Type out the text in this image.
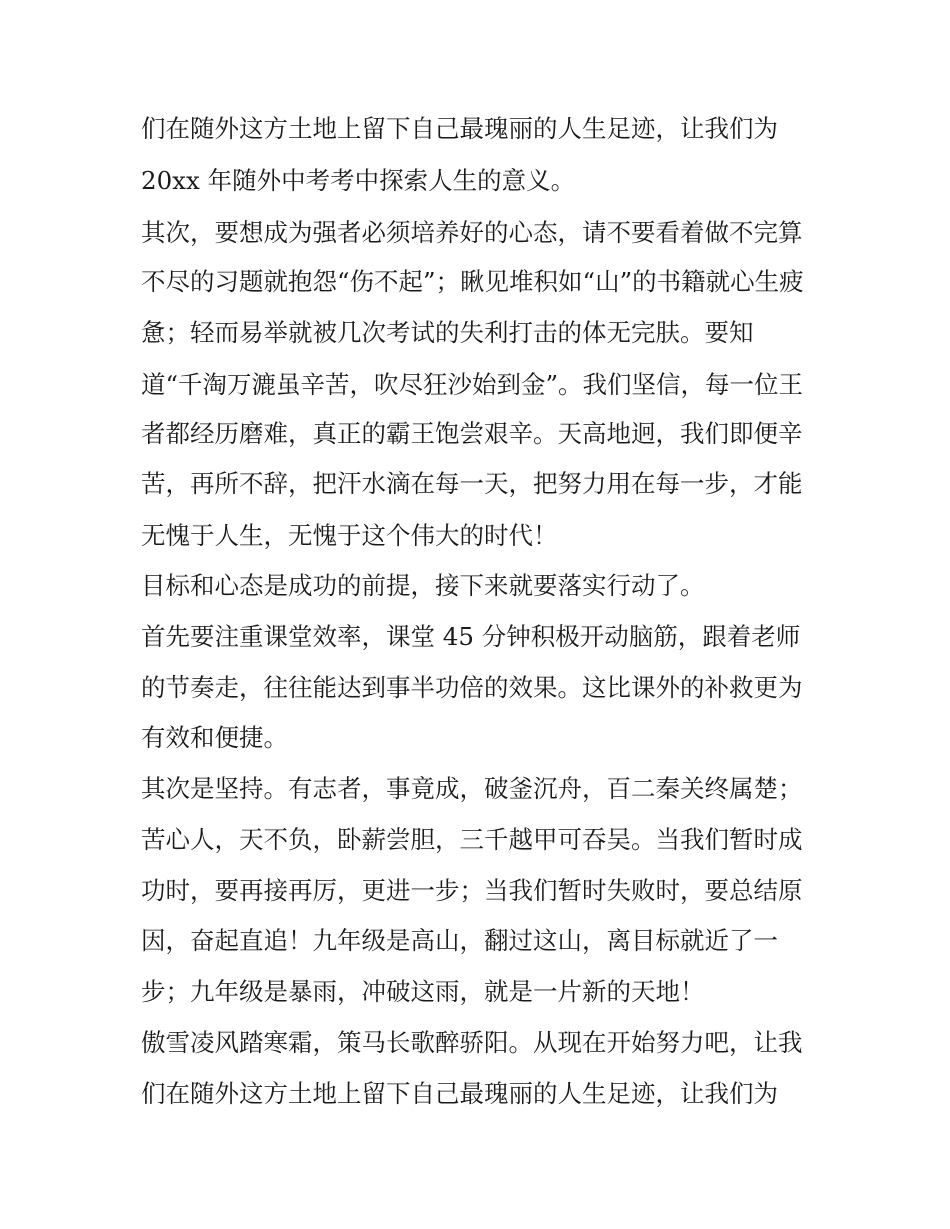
们在随外这方土地上留下自己最瑰丽的人生足迹，让我们为
20xx 年随外中考考中探索人生的意义。
其次，要想成为强者必须培养好的心态，请不要看着做不完算
不尽的习题就抱怨“伤不起”；瞅见堆积如“山”的书籍就心生疲
惫；轻而易举就被几次考试的失利打击的体无完肤。要知
道“千淘万漉虽辛苦，吹尽狂沙始到金”。我们坚信，每一位王
者都经历磨难，真正的霸王饱尝艰辛。天高地迥，我们即便辛
苦，再所不辞，把汗水滴在每一天，把努力用在每一步，才能
无愧于人生，无愧于这个伟大的时代！
目标和心态是成功的前提，接下来就要落实行动了。
首先要注重课堂效率，课堂 45 分钟积极开动脑筋，跟着老师
的节奏走，往往能达到事半功倍的效果。这比课外的补救更为
有效和便捷。
其次是坚持。有志者，事竟成，破釜沉舟，百二秦关终属楚；
苦心人，天不负，卧薪尝胆，三千越甲可吞吴。当我们暂时成
功时，要再接再厉，更进一步；当我们暂时失败时，要总结原
因，奋起直追！九年级是高山，翻过这山，离目标就近了一
步；九年级是暴雨，冲破这雨，就是一片新的天地！
傲雪凌风踏寒霜，策马长歌醉骄阳。从现在开始努力吧，让我
们在随外这方土地上留下自己最瑰丽的人生足迹，让我们为
